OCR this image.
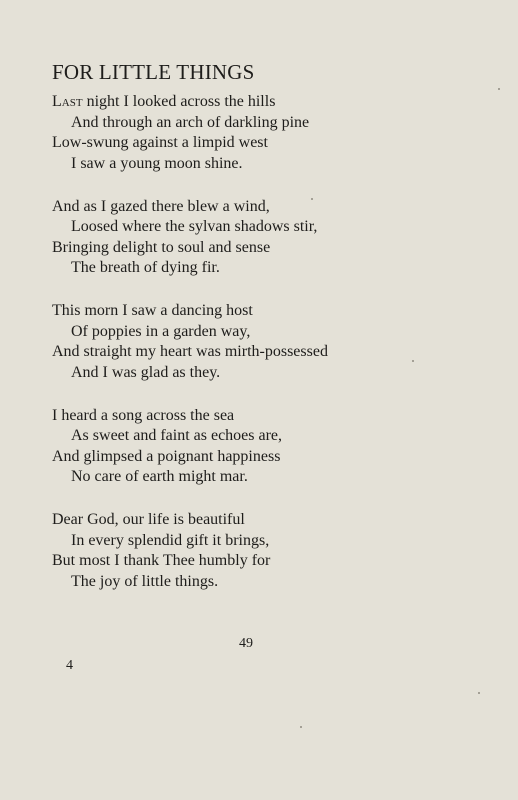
FOR LITTLE THINGS
Last night I looked across the hills
And through an arch of darkling pine
Low-swung against a limpid west
I saw a young moon shine.
And as I gazed there blew a wind,
Loosed where the sylvan shadows stir,
Bringing delight to soul and sense
The breath of dying fir.
This morn I saw a dancing host
Of poppies in a garden way,
And straight my heart was mirth-possessed
And I was glad as they.
I heard a song across the sea
As sweet and faint as echoes are,
And glimpsed a poignant happiness
No care of earth might mar.
Dear God, our life is beautiful
In every splendid gift it brings,
But most I thank Thee humbly for
The joy of little things.
49
4
